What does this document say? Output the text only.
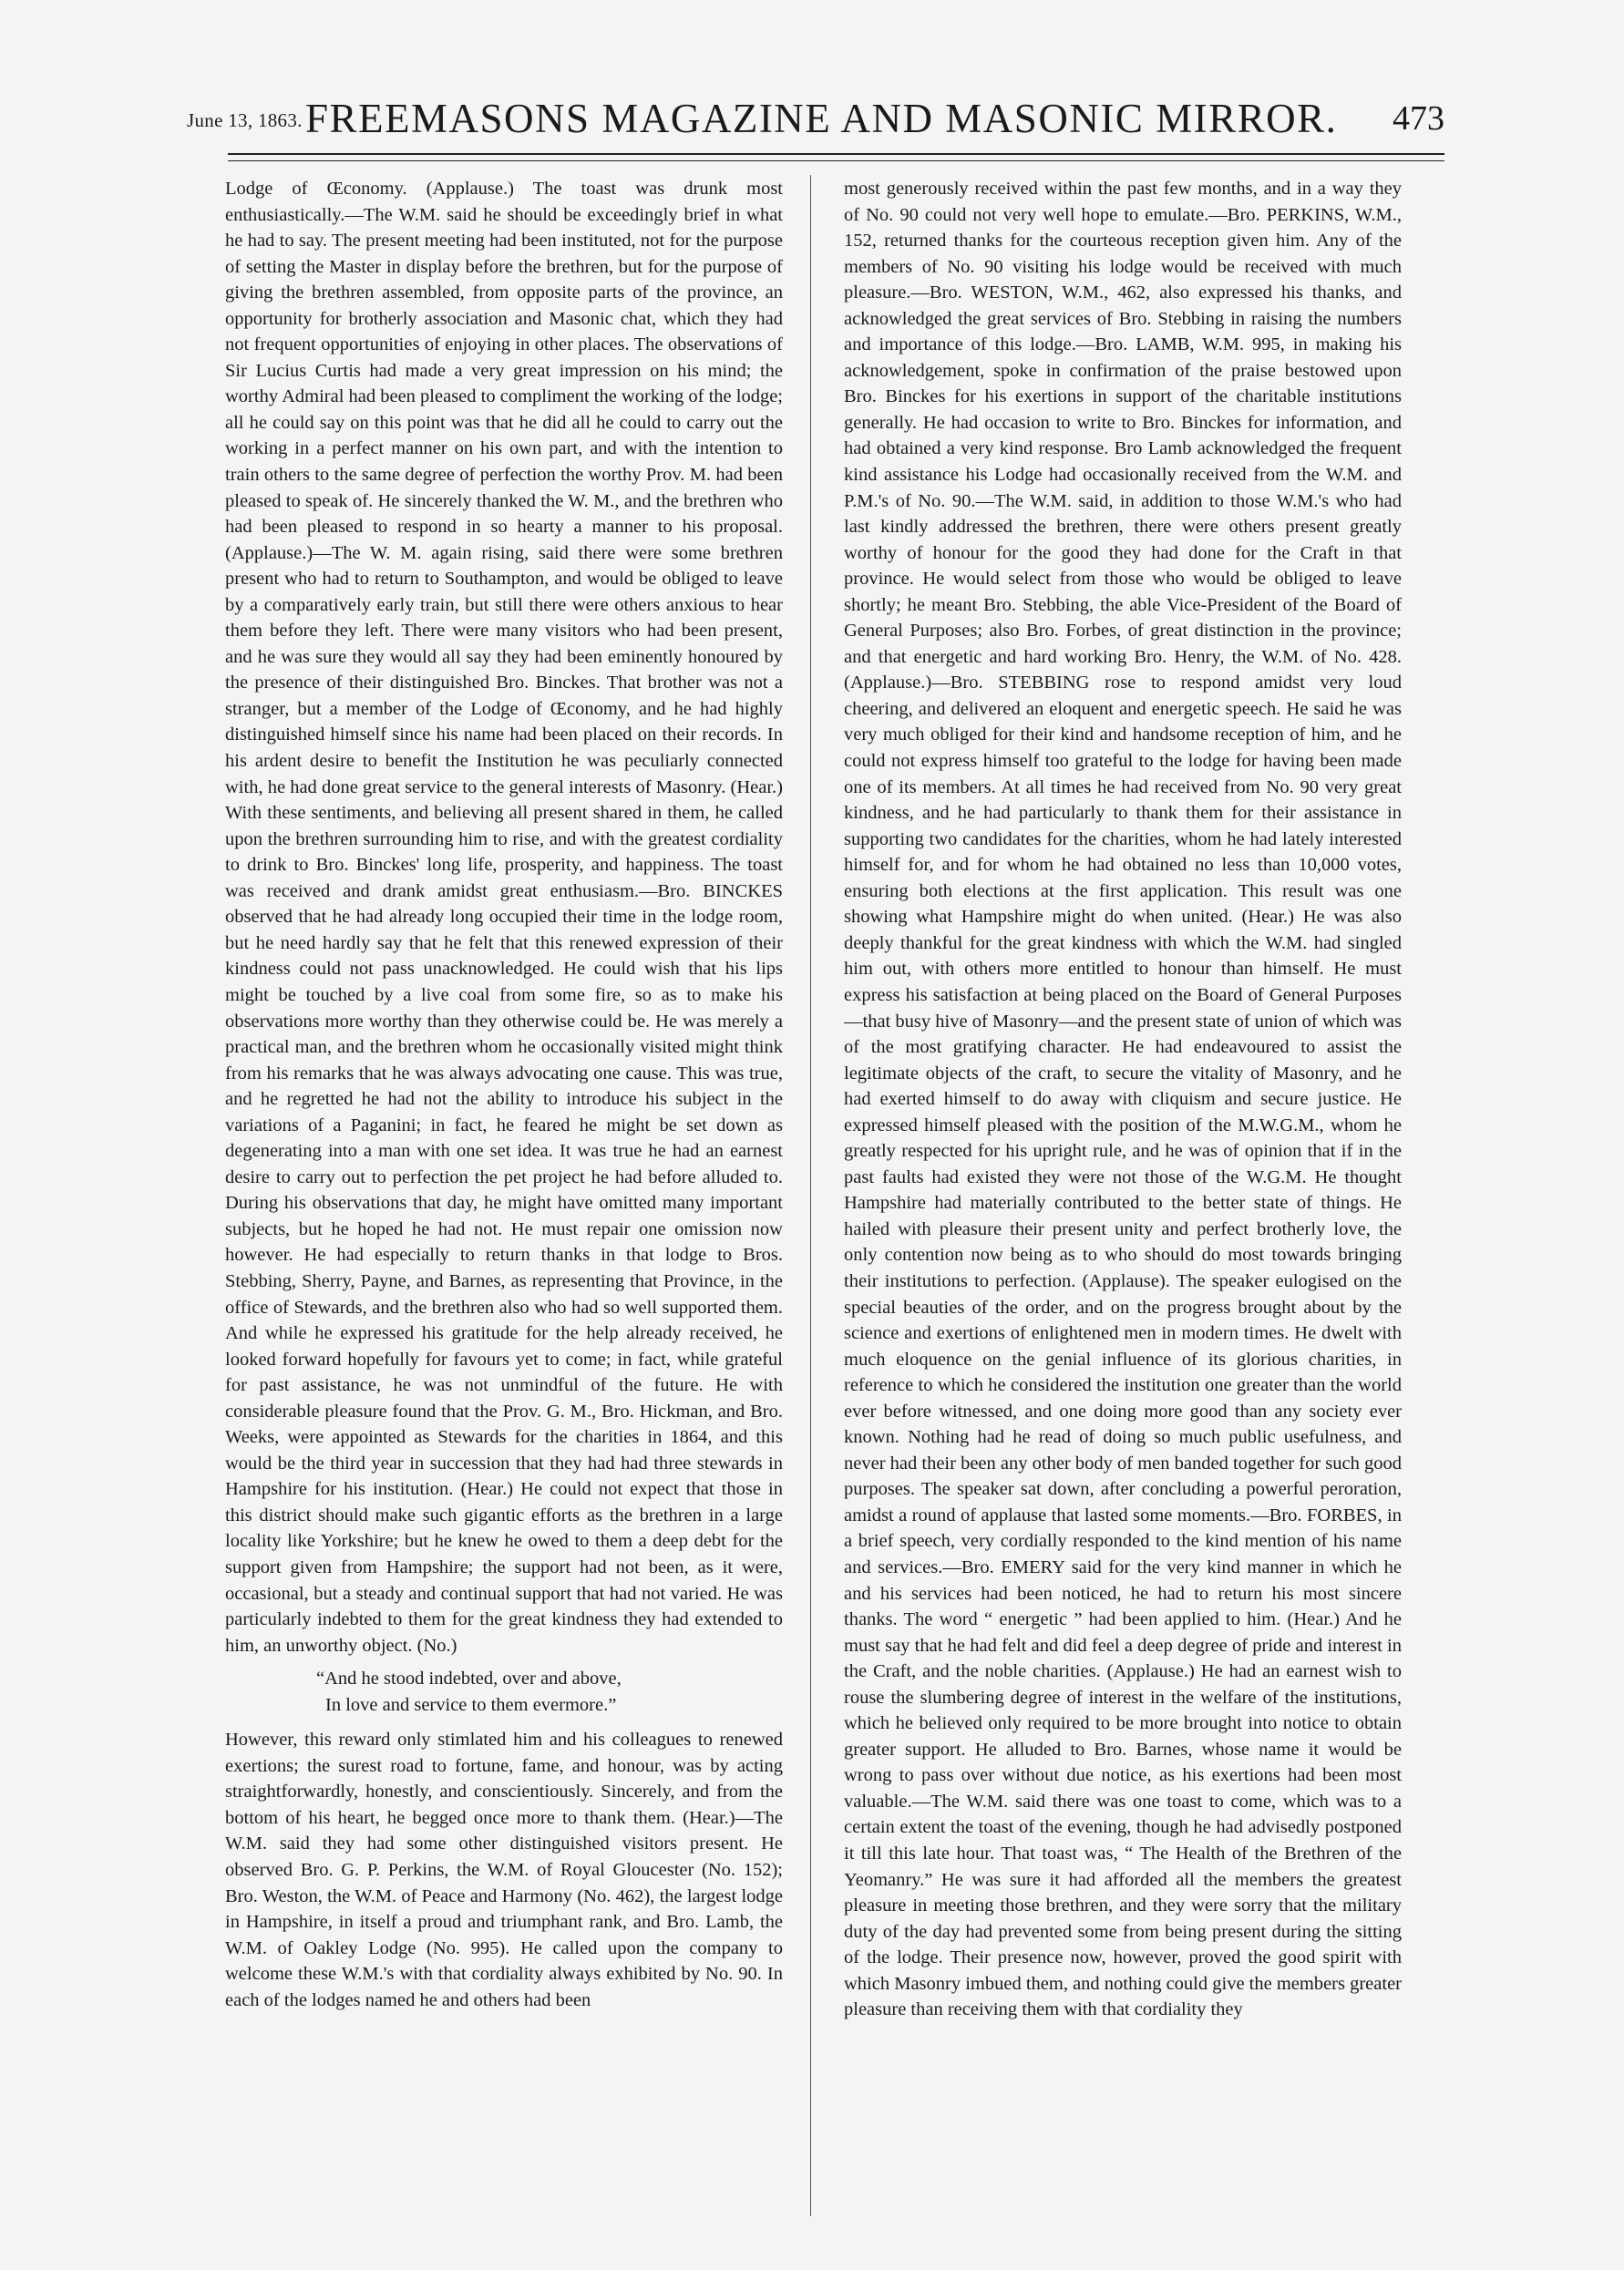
June 13, 1863. FREEMASONS MAGAZINE AND MASONIC MIRROR. 473

Lodge of Œconomy. (Applause.) The toast was drunk most enthusiastically.—The W.M. said he should be exceedingly brief in what he had to say. The present meeting had been instituted, not for the purpose of setting the Master in display before the brethren, but for the purpose of giving the brethren assembled, from opposite parts of the province, an opportunity for brotherly association and Masonic chat, which they had not frequent opportunities of enjoying in other places. The observations of Sir Lucius Curtis had made a very great impression on his mind; the worthy Admiral had been pleased to compliment the working of the lodge; all he could say on this point was that he did all he could to carry out the working in a perfect manner on his own part, and with the intention to train others to the same degree of perfection the worthy Prov. M. had been pleased to speak of. He sincerely thanked the W. M., and the brethren who had been pleased to respond in so hearty a manner to his proposal. (Applause.)—The W. M. again rising, said there were some brethren present who had to return to Southampton, and would be obliged to leave by a comparatively early train, but still there were others anxious to hear them before they left. There were many visitors who had been present, and he was sure they would all say they had been eminently honoured by the presence of their distinguished Bro. Binckes. That brother was not a stranger, but a member of the Lodge of Œconomy, and he had highly distinguished himself since his name had been placed on their records. In his ardent desire to benefit the Institution he was peculiarly connected with, he had done great service to the general interests of Masonry. (Hear.) With these sentiments, and believing all present shared in them, he called upon the brethren surrounding him to rise, and with the greatest cordiality to drink to Bro. Binckes' long life, prosperity, and happiness. The toast was received and drank amidst great enthusiasm.—Bro. BINCKES observed that he had already long occupied their time in the lodge room, but he need hardly say that he felt that this renewed expression of their kindness could not pass unacknowledged. He could wish that his lips might be touched by a live coal from some fire, so as to make his observations more worthy than they otherwise could be. He was merely a practical man, and the brethren whom he occasionally visited might think from his remarks that he was always advocating one cause. This was true, and he regretted he had not the ability to introduce his subject in the variations of a Paganini; in fact, he feared he might be set down as degenerating into a man with one set idea. It was true he had an earnest desire to carry out to perfection the pet project he had before alluded to. During his observations that day, he might have omitted many important subjects, but he hoped he had not. He must repair one omission now however. He had especially to return thanks in that lodge to Bros. Stebbing, Sherry, Payne, and Barnes, as representing that Province, in the office of Stewards, and the brethren also who had so well supported them. And while he expressed his gratitude for the help already received, he looked forward hopefully for favours yet to come; in fact, while grateful for past assistance, he was not unmindful of the future. He with considerable pleasure found that the Prov. G. M., Bro. Hickman, and Bro. Weeks, were appointed as Stewards for the charities in 1864, and this would be the third year in succession that they had had three stewards in Hampshire for his institution. (Hear.) He could not expect that those in this district should make such gigantic efforts as the brethren in a large locality like Yorkshire; but he knew he owed to them a deep debt for the support given from Hampshire; the support had not been, as it were, occasional, but a steady and continual support that had not varied. He was particularly indebted to them for the great kindness they had extended to him, an unworthy object. (No.)

“And he stood indebted, over and above,
In love and service to them evermore.”

However, this reward only stimlated him and his colleagues to renewed exertions; the surest road to fortune, fame, and honour, was by acting straightforwardly, honestly, and conscientiously. Sincerely, and from the bottom of his heart, he begged once more to thank them. (Hear.)—The W.M. said they had some other distinguished visitors present. He observed Bro. G. P. Perkins, the W.M. of Royal Gloucester (No. 152); Bro. Weston, the W.M. of Peace and Harmony (No. 462), the largest lodge in Hampshire, in itself a proud and triumphant rank, and Bro. Lamb, the W.M. of Oakley Lodge (No. 995). He called upon the company to welcome these W.M.'s with that cordiality always exhibited by No. 90. In each of the lodges named he and others had been

most generously received within the past few months, and in a way they of No. 90 could not very well hope to emulate.—Bro. PERKINS, W.M., 152, returned thanks for the courteous reception given him. Any of the members of No. 90 visiting his lodge would be received with much pleasure.—Bro. WESTON, W.M., 462, also expressed his thanks, and acknowledged the great services of Bro. Stebbing in raising the numbers and importance of this lodge.—Bro. LAMB, W.M. 995, in making his acknowledgement, spoke in confirmation of the praise bestowed upon Bro. Binckes for his exertions in support of the charitable institutions generally. He had occasion to write to Bro. Binckes for information, and had obtained a very kind response. Bro Lamb acknowledged the frequent kind assistance his Lodge had occasionally received from the W.M. and P.M.'s of No. 90.—The W.M. said, in addition to those W.M.'s who had last kindly addressed the brethren, there were others present greatly worthy of honour for the good they had done for the Craft in that province. He would select from those who would be obliged to leave shortly; he meant Bro. Stebbing, the able Vice-President of the Board of General Purposes; also Bro. Forbes, of great distinction in the province; and that energetic and hard working Bro. Henry, the W.M. of No. 428. (Applause.)—Bro. STEBBING rose to respond amidst very loud cheering, and delivered an eloquent and energetic speech. He said he was very much obliged for their kind and handsome reception of him, and he could not express himself too grateful to the lodge for having been made one of its members. At all times he had received from No. 90 very great kindness, and he had particularly to thank them for their assistance in supporting two candidates for the charities, whom he had lately interested himself for, and for whom he had obtained no less than 10,000 votes, ensuring both elections at the first application. This result was one showing what Hampshire might do when united. (Hear.) He was also deeply thankful for the great kindness with which the W.M. had singled him out, with others more entitled to honour than himself. He must express his satisfaction at being placed on the Board of General Purposes—that busy hive of Masonry—and the present state of union of which was of the most gratifying character. He had endeavoured to assist the legitimate objects of the craft, to secure the vitality of Masonry, and he had exerted himself to do away with cliquism and secure justice. He expressed himself pleased with the position of the M.W.G.M., whom he greatly respected for his upright rule, and he was of opinion that if in the past faults had existed they were not those of the W.G.M. He thought Hampshire had materially contributed to the better state of things. He hailed with pleasure their present unity and perfect brotherly love, the only contention now being as to who should do most towards bringing their institutions to perfection. (Applause). The speaker eulogised on the special beauties of the order, and on the progress brought about by the science and exertions of enlightened men in modern times. He dwelt with much eloquence on the genial influence of its glorious charities, in reference to which he considered the institution one greater than the world ever before witnessed, and one doing more good than any society ever known. Nothing had he read of doing so much public usefulness, and never had their been any other body of men banded together for such good purposes. The speaker sat down, after concluding a powerful peroration, amidst a round of applause that lasted some moments.—Bro. FORBES, in a brief speech, very cordially responded to the kind mention of his name and services.—Bro. EMERY said for the very kind manner in which he and his services had been noticed, he had to return his most sincere thanks. The word “ energetic ” had been applied to him. (Hear.) And he must say that he had felt and did feel a deep degree of pride and interest in the Craft, and the noble charities. (Applause.) He had an earnest wish to rouse the slumbering degree of interest in the welfare of the institutions, which he believed only required to be more brought into notice to obtain greater support. He alluded to Bro. Barnes, whose name it would be wrong to pass over without due notice, as his exertions had been most valuable.—The W.M. said there was one toast to come, which was to a certain extent the toast of the evening, though he had advisedly postponed it till this late hour. That toast was, “ The Health of the Brethren of the Yeomanry.” He was sure it had afforded all the members the greatest pleasure in meeting those brethren, and they were sorry that the military duty of the day had prevented some from being present during the sitting of the lodge. Their presence now, however, proved the good spirit with which Masonry imbued them, and nothing could give the members greater pleasure than receiving them with that cordiality they
